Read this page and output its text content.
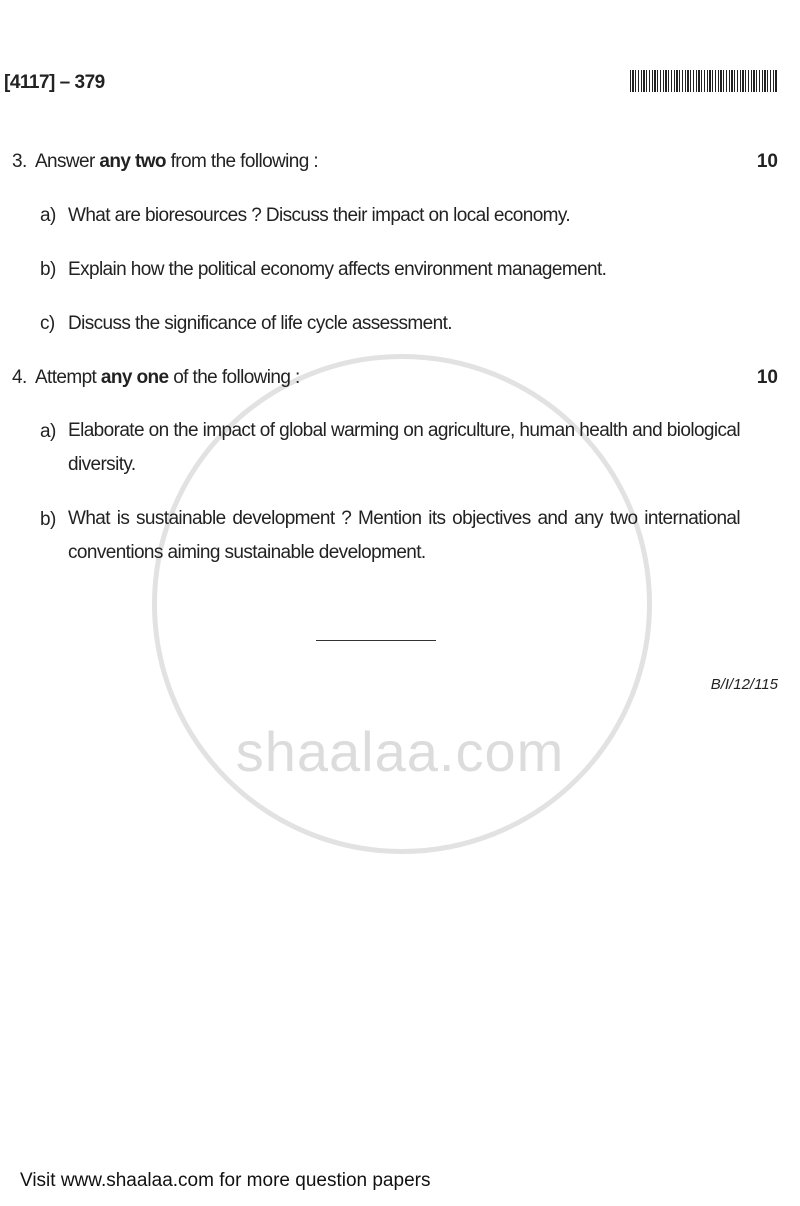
shaalaa.com
[4117] – 379
3. Answer any two from the following :	10
a) What are bioresources ? Discuss their impact on local economy.
b) Explain how the political economy affects environment management.
c) Discuss the significance of life cycle assessment.
4. Attempt any one of the following :	10
a) Elaborate on the impact of global warming on agriculture, human health and biological diversity.
b) What is sustainable development ? Mention its objectives and any two international conventions aiming sustainable development.
B/I/12/115
Visit www.shaalaa.com for more question papers
